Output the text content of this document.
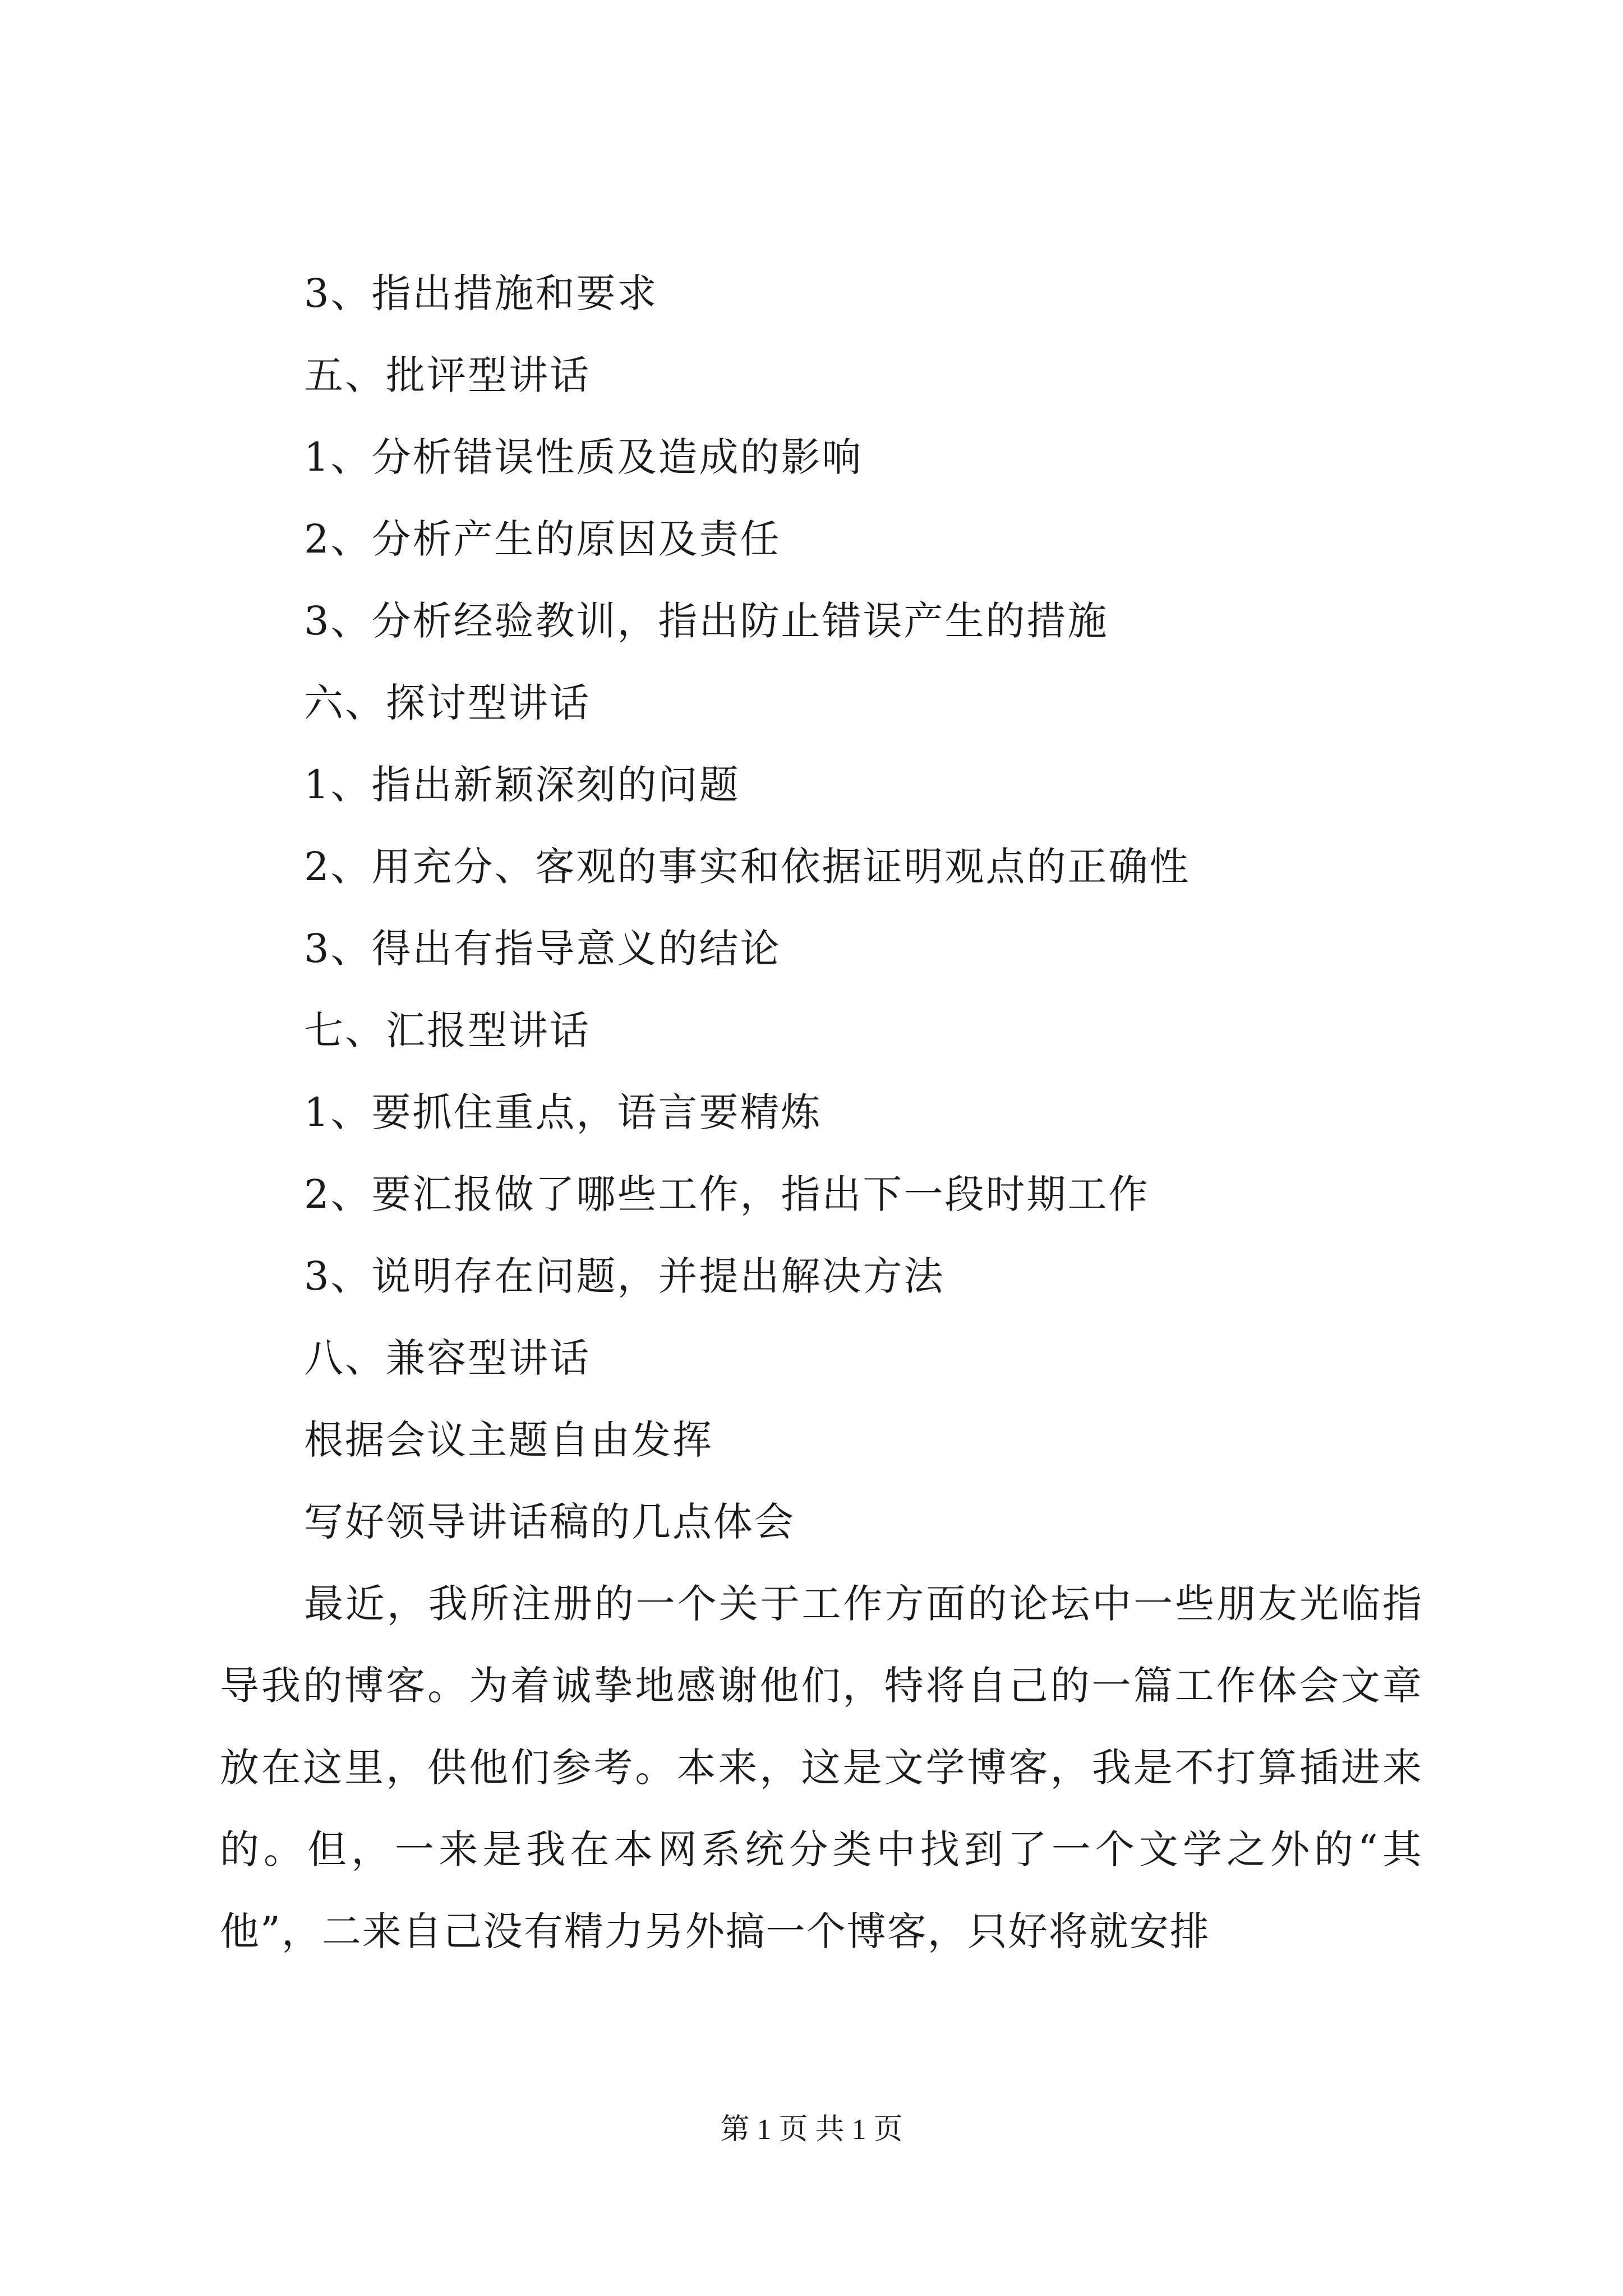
3、指出措施和要求
五、批评型讲话
1、分析错误性质及造成的影响
2、分析产生的原因及责任
3、分析经验教训，指出防止错误产生的措施
六、探讨型讲话
1、指出新颖深刻的问题
2、用充分、客观的事实和依据证明观点的正确性
3、得出有指导意义的结论
七、汇报型讲话
1、要抓住重点，语言要精炼
2、要汇报做了哪些工作，指出下一段时期工作
3、说明存在问题，并提出解决方法
八、兼容型讲话
根据会议主题自由发挥
写好领导讲话稿的几点体会
最近，我所注册的一个关于工作方面的论坛中一些朋友光临指导我的博客。为着诚挚地感谢他们，特将自己的一篇工作体会文章放在这里，供他们参考。本来，这是文学博客，我是不打算插进来的。但，一来是我在本网系统分类中找到了一个文学之外的“其他”，二来自己没有精力另外搞一个博客，只好将就安排
第 1 页 共 1 页
